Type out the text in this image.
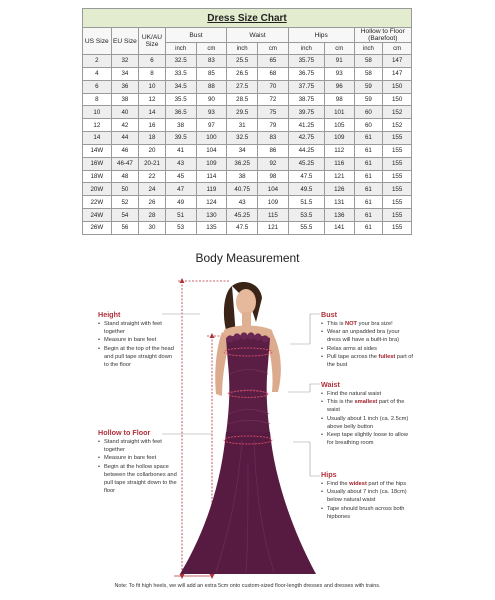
Dress Size Chart										
US Size	EU Size	UK/AU Size	Bust		Waist		Hips		Hollow to Floor (Barefoot)	
			inch	cm	inch	cm	inch	cm	inch	cm
2	32	6	32.5	83	25.5	65	35.75	91	58	147
4	34	8	33.5	85	26.5	68	36.75	93	58	147
6	36	10	34.5	88	27.5	70	37.75	96	59	150
8	38	12	35.5	90	28.5	72	38.75	98	59	150
10	40	14	36.5	93	29.5	75	39.75	101	60	152
12	42	16	38	97	31	79	41.25	105	60	152
14	44	18	39.5	100	32.5	83	42.75	109	61	155
14W	46	20	41	104	34	86	44.25	112	61	155
16W	46-47	20-21	43	109	36.25	92	45.25	116	61	155
18W	48	22	45	114	38	98	47.5	121	61	155
20W	50	24	47	119	40.75	104	49.5	126	61	155
22W	52	26	49	124	43	109	51.5	131	61	155
24W	54	28	51	130	45.25	115	53.5	136	61	155
26W	56	30	53	135	47.5	121	55.5	141	61	155
Body Measurement
Height
• Stand straight with feet together
• Measure in bare feet
• Begin at the top of the head and pull tape straight down to the floor
Hollow to Floor
• Stand straight with feet together
• Measure in bare feet
• Begin at the hollow space between the collarbones and pull tape straight down to the floor
Bust
• This is NOT your bra size!
• Wear an unpadded bra (your dress will have a built-in bra)
• Relax arms at sides
• Pull tape across the fullest part of the bust
Waist
• Find the natural waist
• This is the smallest part of the waist
• Usually about 1 inch (ca. 2.5cm) above belly button
• Keep tape slightly loose to allow for breathing room
Hips
• Find the widest part of the hips
• Usually about 7 inch (ca. 18cm) below natural waist
• Tape should brush across both hipbones
Note: To fit high heels, we will add an extra 5cm onto custom-sized floor-length dresses and dresses with trains.
